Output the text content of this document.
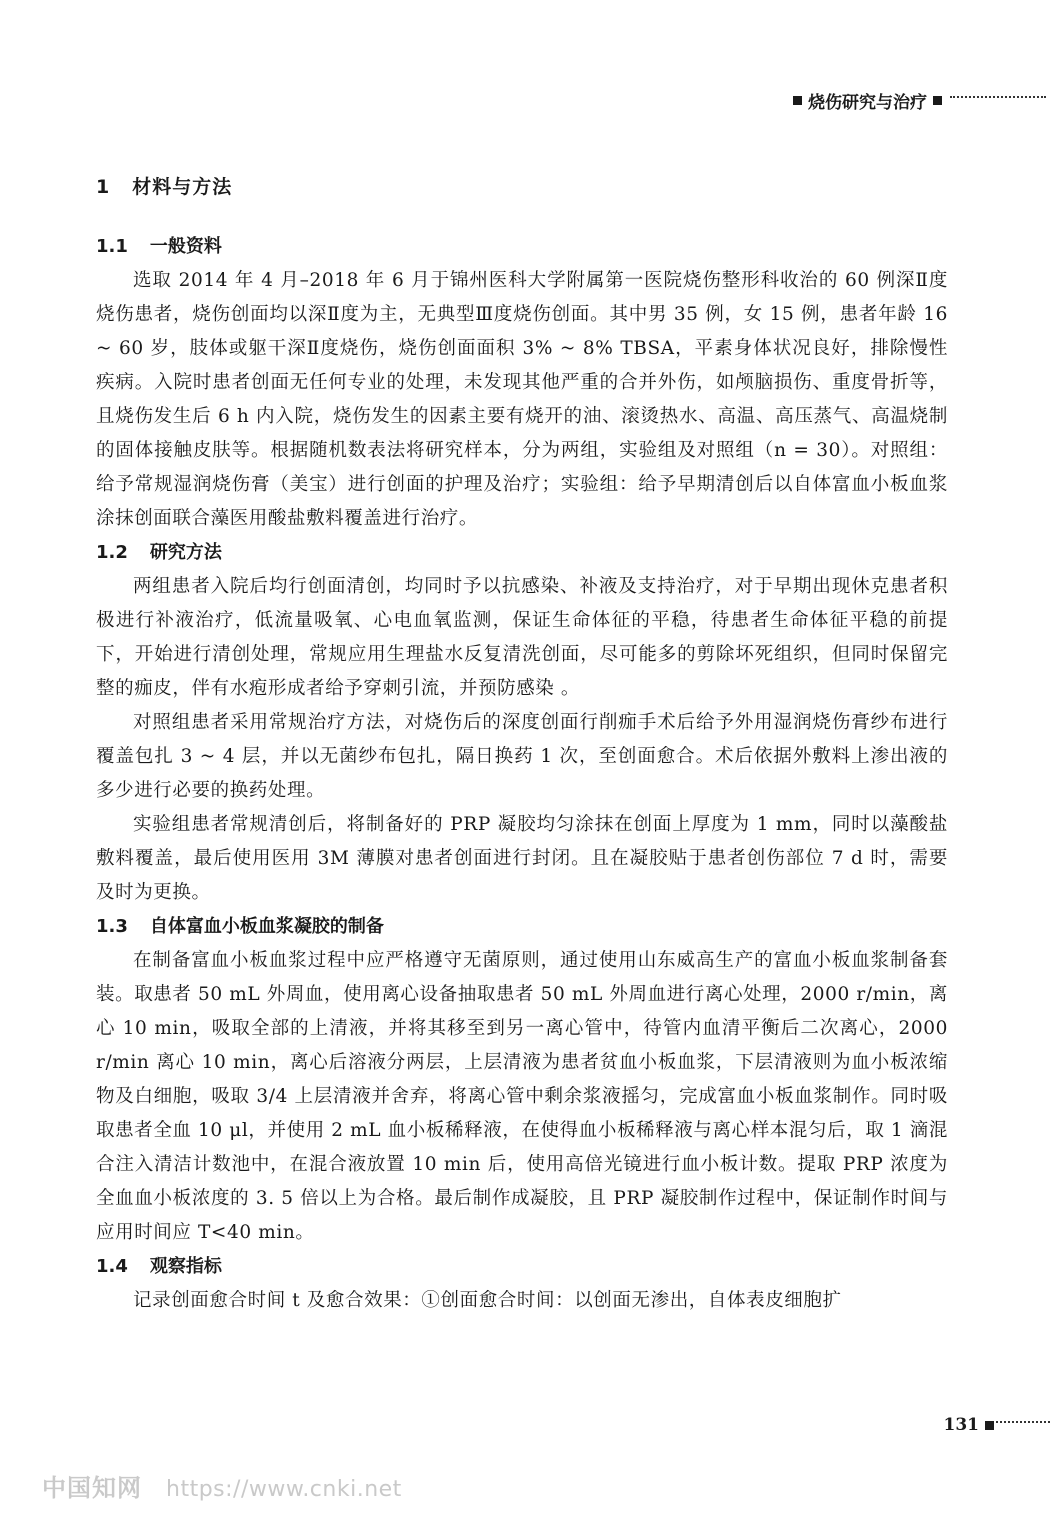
烧伤研究与治疗
1 材料与方法
1.1 一般资料

选取 2014 年 4 月–2018 年 6 月于锦州医科大学附属第一医院烧伤整形科收治的 60 例深Ⅱ度烧伤患者，烧伤创面均以深Ⅱ度为主，无典型Ⅲ度烧伤创面。其中男 35 例，女 15 例，患者年龄 16 ~ 60 岁，肢体或躯干深Ⅱ度烧伤，烧伤创面面积 3% ~ 8% TBSA，平素身体状况良好，排除慢性疾病。入院时患者创面无任何专业的处理，未发现其他严重的合并外伤，如颅脑损伤、重度骨折等，且烧伤发生后 6 h 内入院，烧伤发生的因素主要有烧开的油、滚烫热水、高温、高压蒸气、高温烧制的固体接触皮肤等。根据随机数表法将研究样本，分为两组，实验组及对照组（n = 30）。对照组：给予常规湿润烧伤膏（美宝）进行创面的护理及治疗；实验组：给予早期清创后以自体富血小板血浆涂抹创面联合藻医用酸盐敷料覆盖进行治疗。

1.2 研究方法

两组患者入院后均行创面清创，均同时予以抗感染、补液及支持治疗，对于早期出现休克患者积极进行补液治疗，低流量吸氧、心电血氧监测，保证生命体征的平稳，待患者生命体征平稳的前提下，开始进行清创处理，常规应用生理盐水反复清洗创面，尽可能多的剪除坏死组织，但同时保留完整的痂皮，伴有水疱形成者给予穿刺引流，并预防感染 。

对照组患者采用常规治疗方法，对烧伤后的深度创面行削痂手术后给予外用湿润烧伤膏纱布进行覆盖包扎 3 ~ 4 层，并以无菌纱布包扎，隔日换药 1 次，至创面愈合。术后依据外敷料上渗出液的多少进行必要的换药处理。

实验组患者常规清创后，将制备好的 PRP 凝胶均匀涂抹在创面上厚度为 1 mm，同时以藻酸盐敷料覆盖，最后使用医用 3M 薄膜对患者创面进行封闭。且在凝胶贴于患者创伤部位 7 d 时，需要及时为更换。

1.3 自体富血小板血浆凝胶的制备

在制备富血小板血浆过程中应严格遵守无菌原则，通过使用山东威高生产的富血小板血浆制备套装。取患者 50 mL 外周血，使用离心设备抽取患者 50 mL 外周血进行离心处理，2000 r/min，离心 10 min，吸取全部的上清液，并将其移至到另一离心管中，待管内血清平衡后二次离心，2000 r/min 离心 10 min，离心后溶液分两层，上层清液为患者贫血小板血浆，下层清液则为血小板浓缩物及白细胞，吸取 3/4 上层清液并舍弃，将离心管中剩余浆液摇匀，完成富血小板血浆制作。同时吸取患者全血 10 μl，并使用 2 mL 血小板稀释液，在使得血小板稀释液与离心样本混匀后，取 1 滴混合注入清洁计数池中，在混合液放置 10 min 后，使用高倍光镜进行血小板计数。提取 PRP 浓度为全血血小板浓度的 3. 5 倍以上为合格。最后制作成凝胶，且 PRP 凝胶制作过程中，保证制作时间与应用时间应 T<40 min。

1.4 观察指标

记录创面愈合时间 t 及愈合效果：①创面愈合时间：以创面无渗出，自体表皮细胞扩

131
中国知网 https://www.cnki.net
